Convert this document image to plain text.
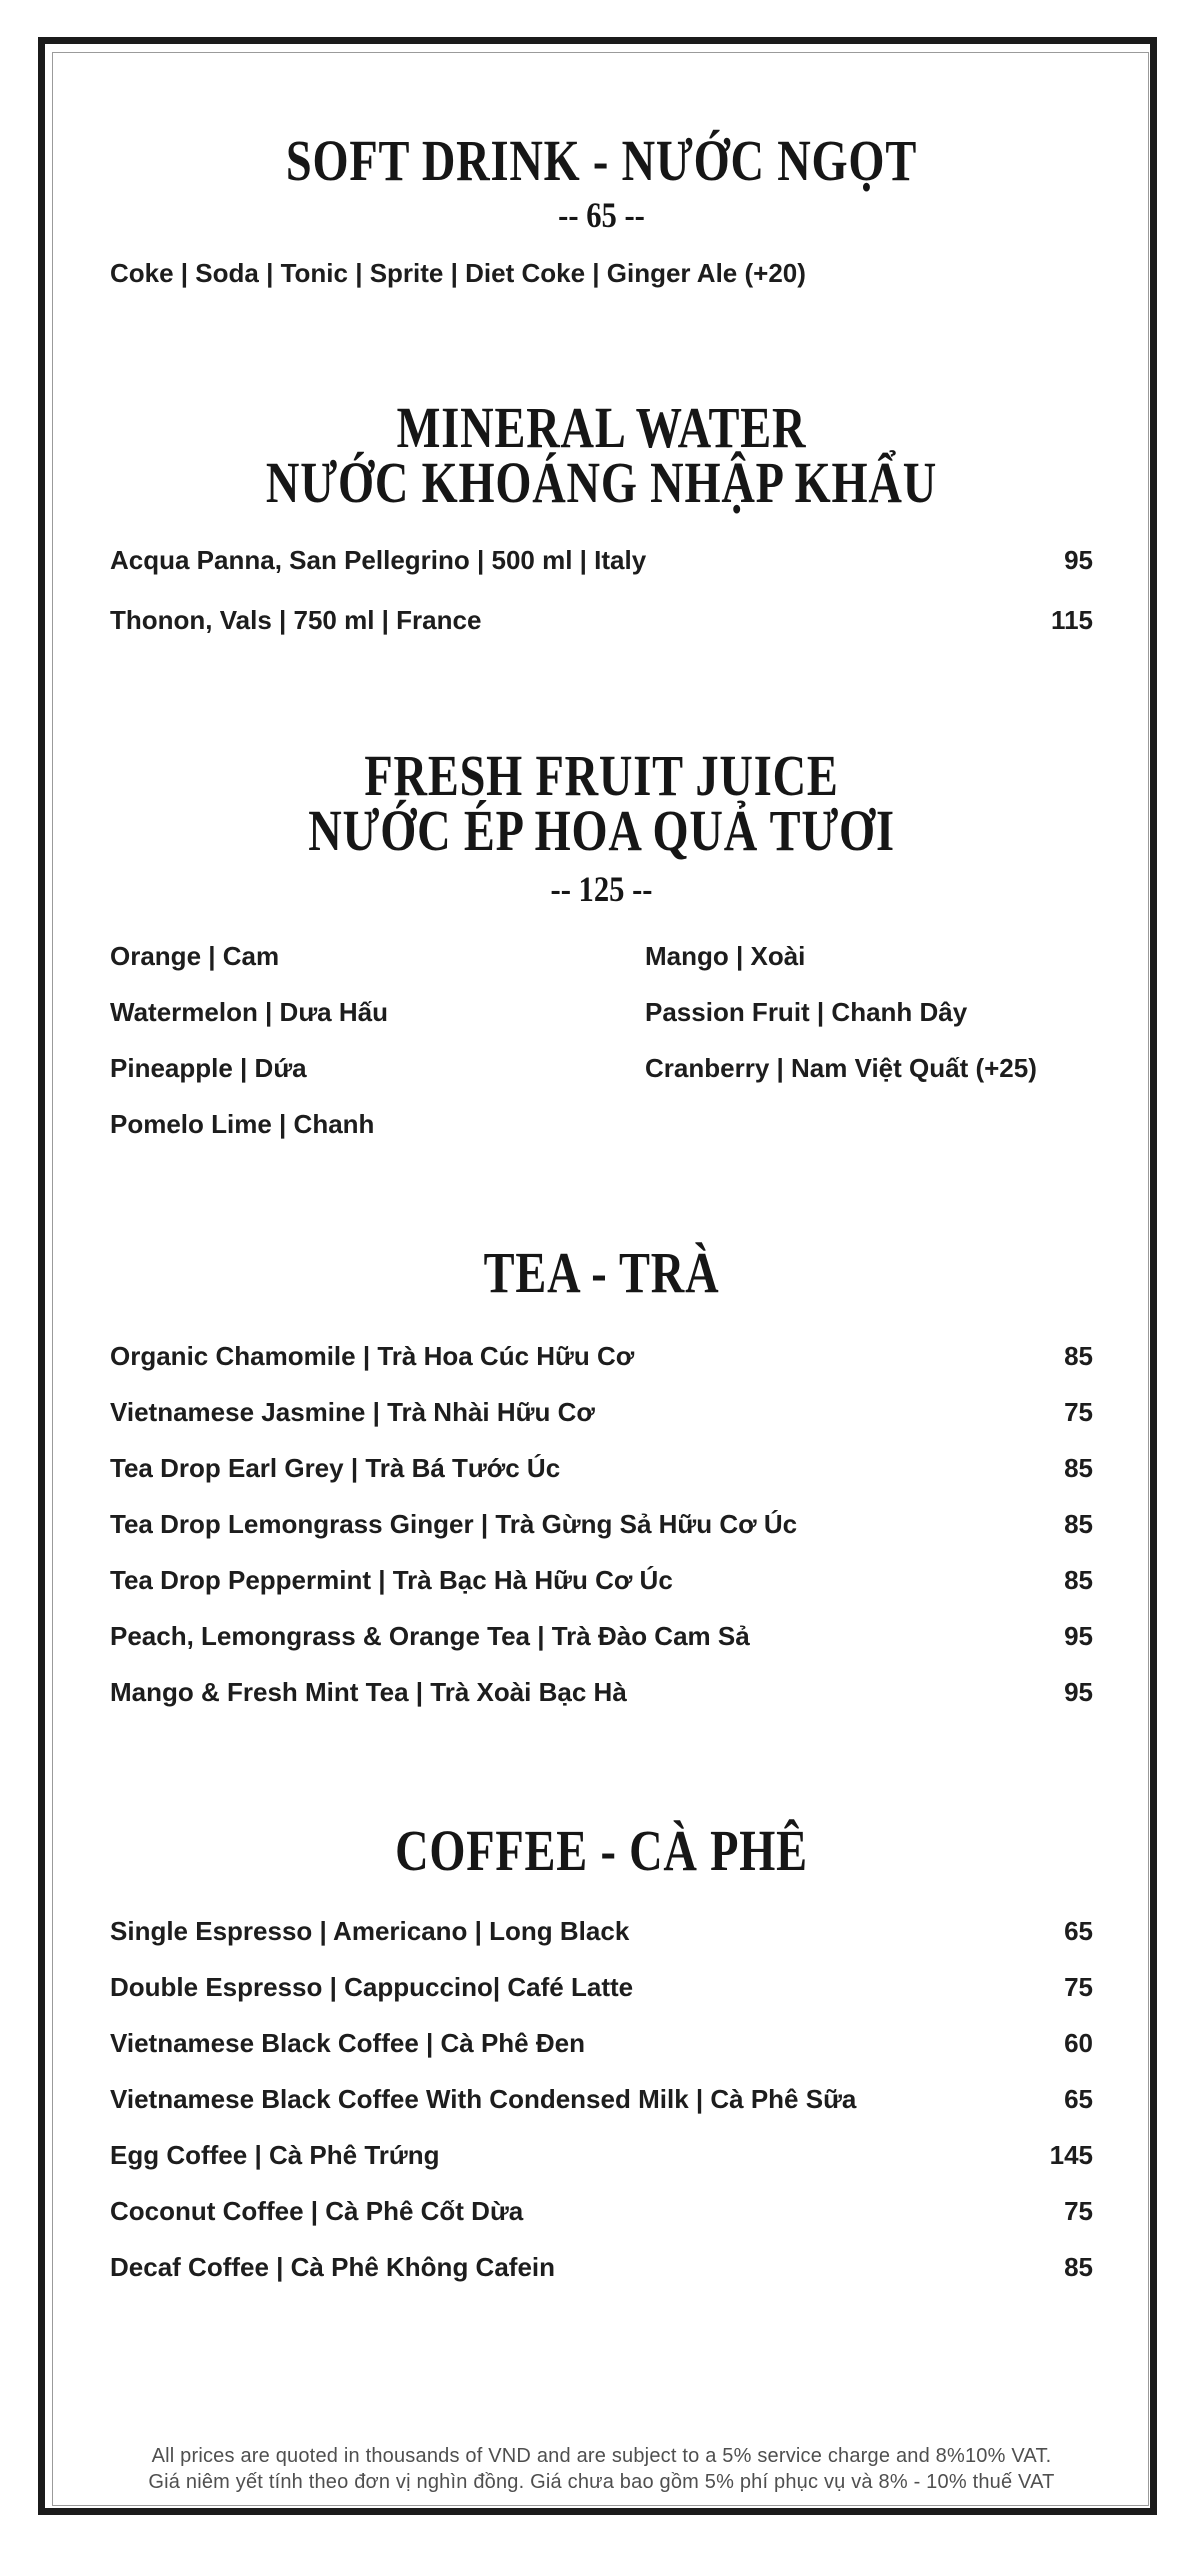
SOFT DRINK - NƯỚC NGỌT
-- 65 --
Coke | Soda | Tonic | Sprite | Diet Coke | Ginger Ale (+20)
MINERAL WATER
NƯỚC KHOÁNG NHẬP KHẨU
Acqua Panna, San Pellegrino | 500 ml | Italy	95
Thonon, Vals | 750 ml | France	115
FRESH FRUIT JUICE
NƯỚC ÉP HOA QUẢ TƯƠI
-- 125 --
Orange | Cam	Mango | Xoài
Watermelon | Dưa Hấu	Passion Fruit | Chanh Dây
Pineapple | Dứa	Cranberry | Nam Việt Quất (+25)
Pomelo Lime | Chanh
TEA - TRÀ
Organic Chamomile | Trà Hoa Cúc Hữu Cơ	85
Vietnamese Jasmine | Trà Nhài Hữu Cơ	75
Tea Drop Earl Grey | Trà Bá Tước Úc	85
Tea Drop Lemongrass Ginger | Trà Gừng Sả Hữu Cơ Úc	85
Tea Drop Peppermint | Trà Bạc Hà Hữu Cơ Úc	85
Peach, Lemongrass & Orange Tea | Trà Đào Cam Sả	95
Mango & Fresh Mint Tea | Trà Xoài Bạc Hà	95
COFFEE - CÀ PHÊ
Single Espresso | Americano | Long Black	65
Double Espresso | Cappuccino| Café Latte	75
Vietnamese Black Coffee | Cà Phê Đen	60
Vietnamese Black Coffee With Condensed Milk | Cà Phê Sữa	65
Egg Coffee | Cà Phê Trứng	145
Coconut Coffee | Cà Phê Cốt Dừa	75
Decaf Coffee | Cà Phê Không Cafein	85
All prices are quoted in thousands of VND and are subject to a 5% service charge and 8%10% VAT.
Giá niêm yết tính theo đơn vị nghìn đồng. Giá chưa bao gồm 5% phí phục vụ và 8% - 10% thuế VAT
